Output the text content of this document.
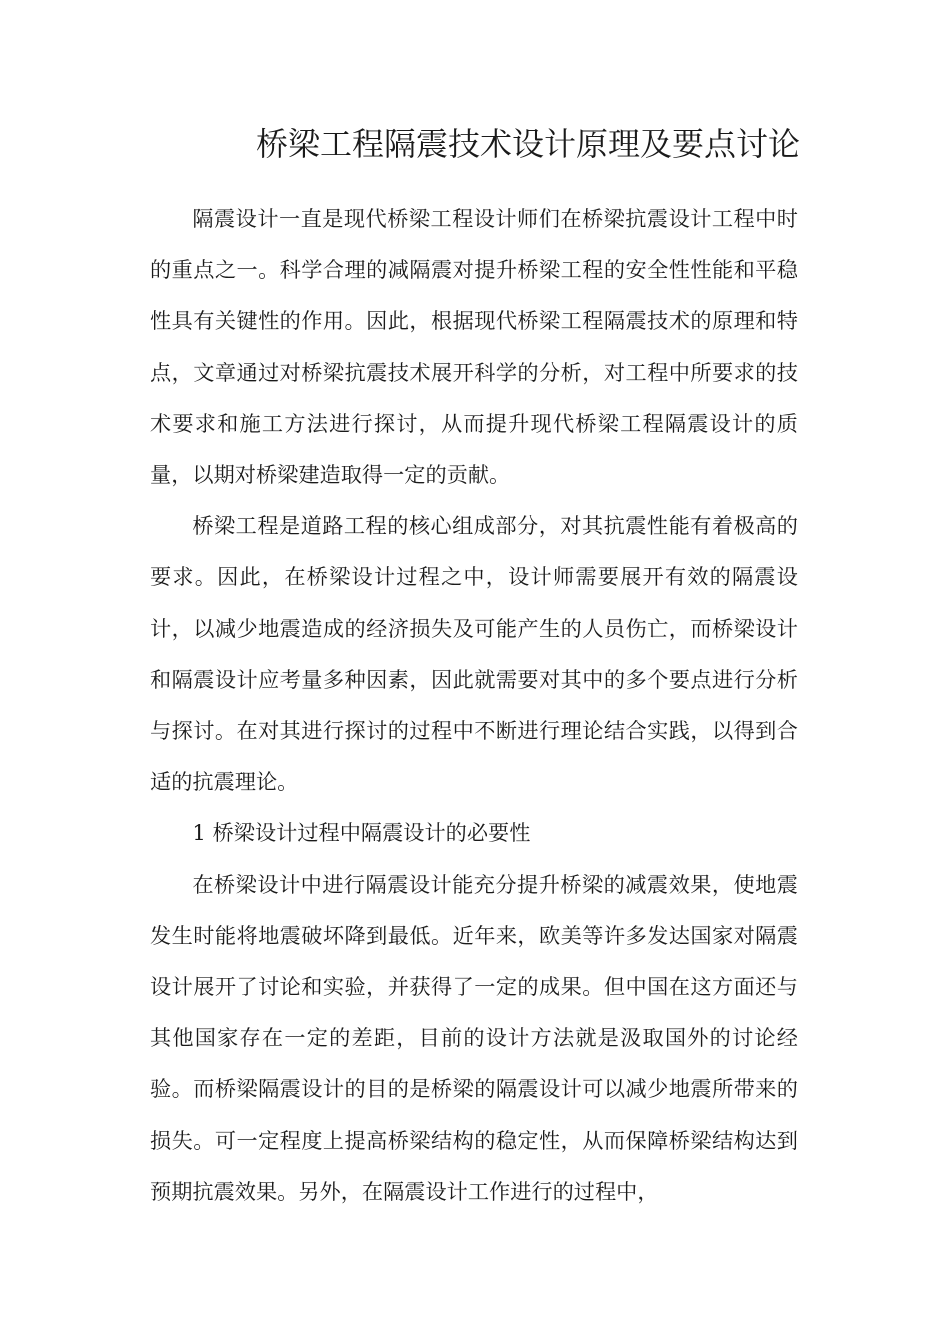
桥梁工程隔震技术设计原理及要点讨论

隔震设计一直是现代桥梁工程设计师们在桥梁抗震设计工程中时的重点之一。科学合理的减隔震对提升桥梁工程的安全性性能和平稳性具有关键性的作用。因此，根据现代桥梁工程隔震技术的原理和特点，文章通过对桥梁抗震技术展开科学的分析，对工程中所要求的技术要求和施工方法进行探讨，从而提升现代桥梁工程隔震设计的质量，以期对桥梁建造取得一定的贡献。

桥梁工程是道路工程的核心组成部分，对其抗震性能有着极高的要求。因此，在桥梁设计过程之中，设计师需要展开有效的隔震设计，以减少地震造成的经济损失及可能产生的人员伤亡，而桥梁设计和隔震设计应考量多种因素，因此就需要对其中的多个要点进行分析与探讨。在对其进行探讨的过程中不断进行理论结合实践，以得到合适的抗震理论。

1 桥梁设计过程中隔震设计的必要性

在桥梁设计中进行隔震设计能充分提升桥梁的减震效果，使地震发生时能将地震破坏降到最低。近年来，欧美等许多发达国家对隔震设计展开了讨论和实验，并获得了一定的成果。但中国在这方面还与其他国家存在一定的差距，目前的设计方法就是汲取国外的讨论经验。而桥梁隔震设计的目的是桥梁的隔震设计可以减少地震所带来的损失。可一定程度上提高桥梁结构的稳定性，从而保障桥梁结构达到预期抗震效果。另外，在隔震设计工作进行的过程中，
